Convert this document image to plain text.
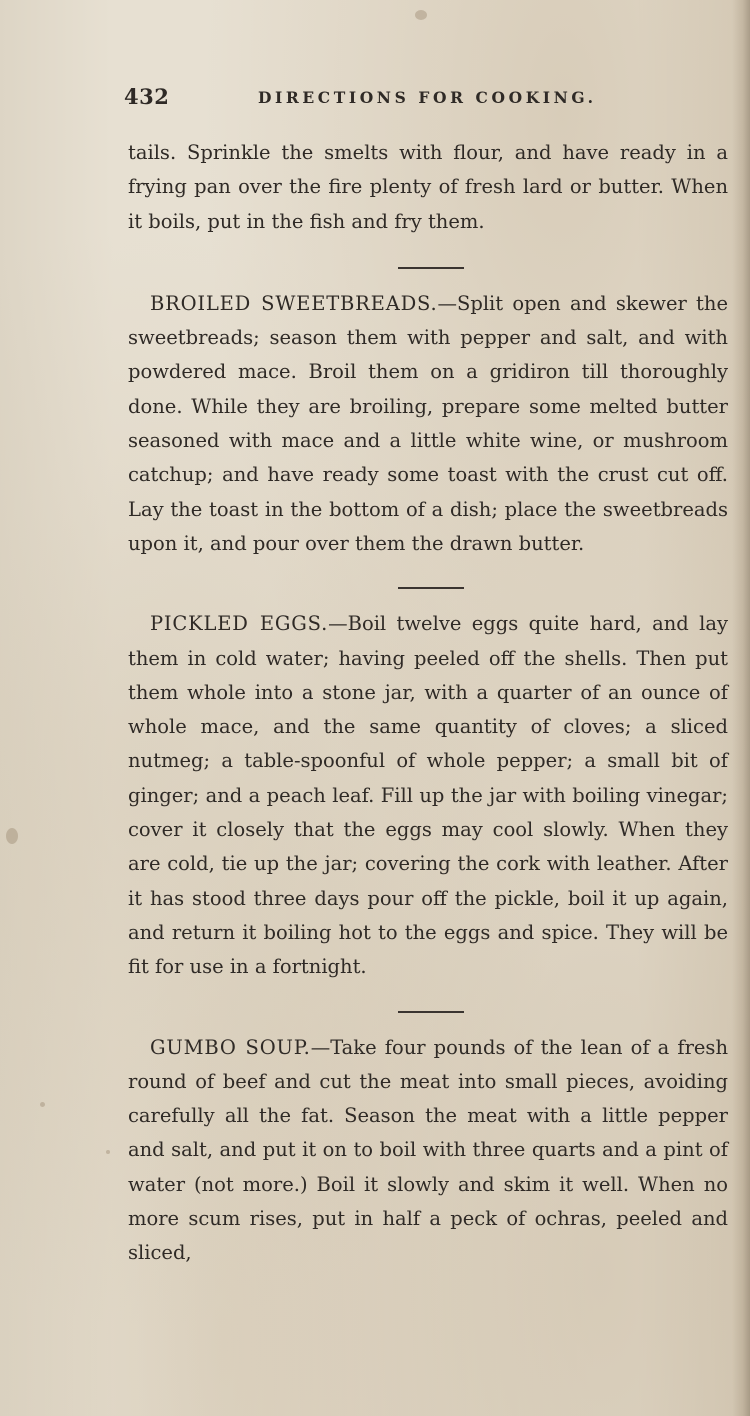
432	DIRECTIONS FOR COOKING.

tails. Sprinkle the smelts with flour, and have ready in a frying pan over the fire plenty of fresh lard or butter. When it boils, put in the fish and fry them.

BROILED SWEETBREADS.—Split open and skewer the sweetbreads; season them with pepper and salt, and with powdered mace. Broil them on a gridiron till thoroughly done. While they are broiling, prepare some melted butter seasoned with mace and a little white wine, or mushroom catchup; and have ready some toast with the crust cut off. Lay the toast in the bottom of a dish; place the sweetbreads upon it, and pour over them the drawn butter.

PICKLED EGGS.—Boil twelve eggs quite hard, and lay them in cold water; having peeled off the shells. Then put them whole into a stone jar, with a quarter of an ounce of whole mace, and the same quantity of cloves; a sliced nutmeg; a table-spoonful of whole pepper; a small bit of ginger; and a peach leaf. Fill up the jar with boiling vinegar; cover it closely that the eggs may cool slowly. When they are cold, tie up the jar; covering the cork with leather. After it has stood three days pour off the pickle, boil it up again, and return it boiling hot to the eggs and spice. They will be fit for use in a fortnight.

GUMBO SOUP.—Take four pounds of the lean of a fresh round of beef and cut the meat into small pieces, avoiding carefully all the fat. Season the meat with a little pepper and salt, and put it on to boil with three quarts and a pint of water (not more.) Boil it slowly and skim it well. When no more scum rises, put in half a peck of ochras, peeled and sliced,
